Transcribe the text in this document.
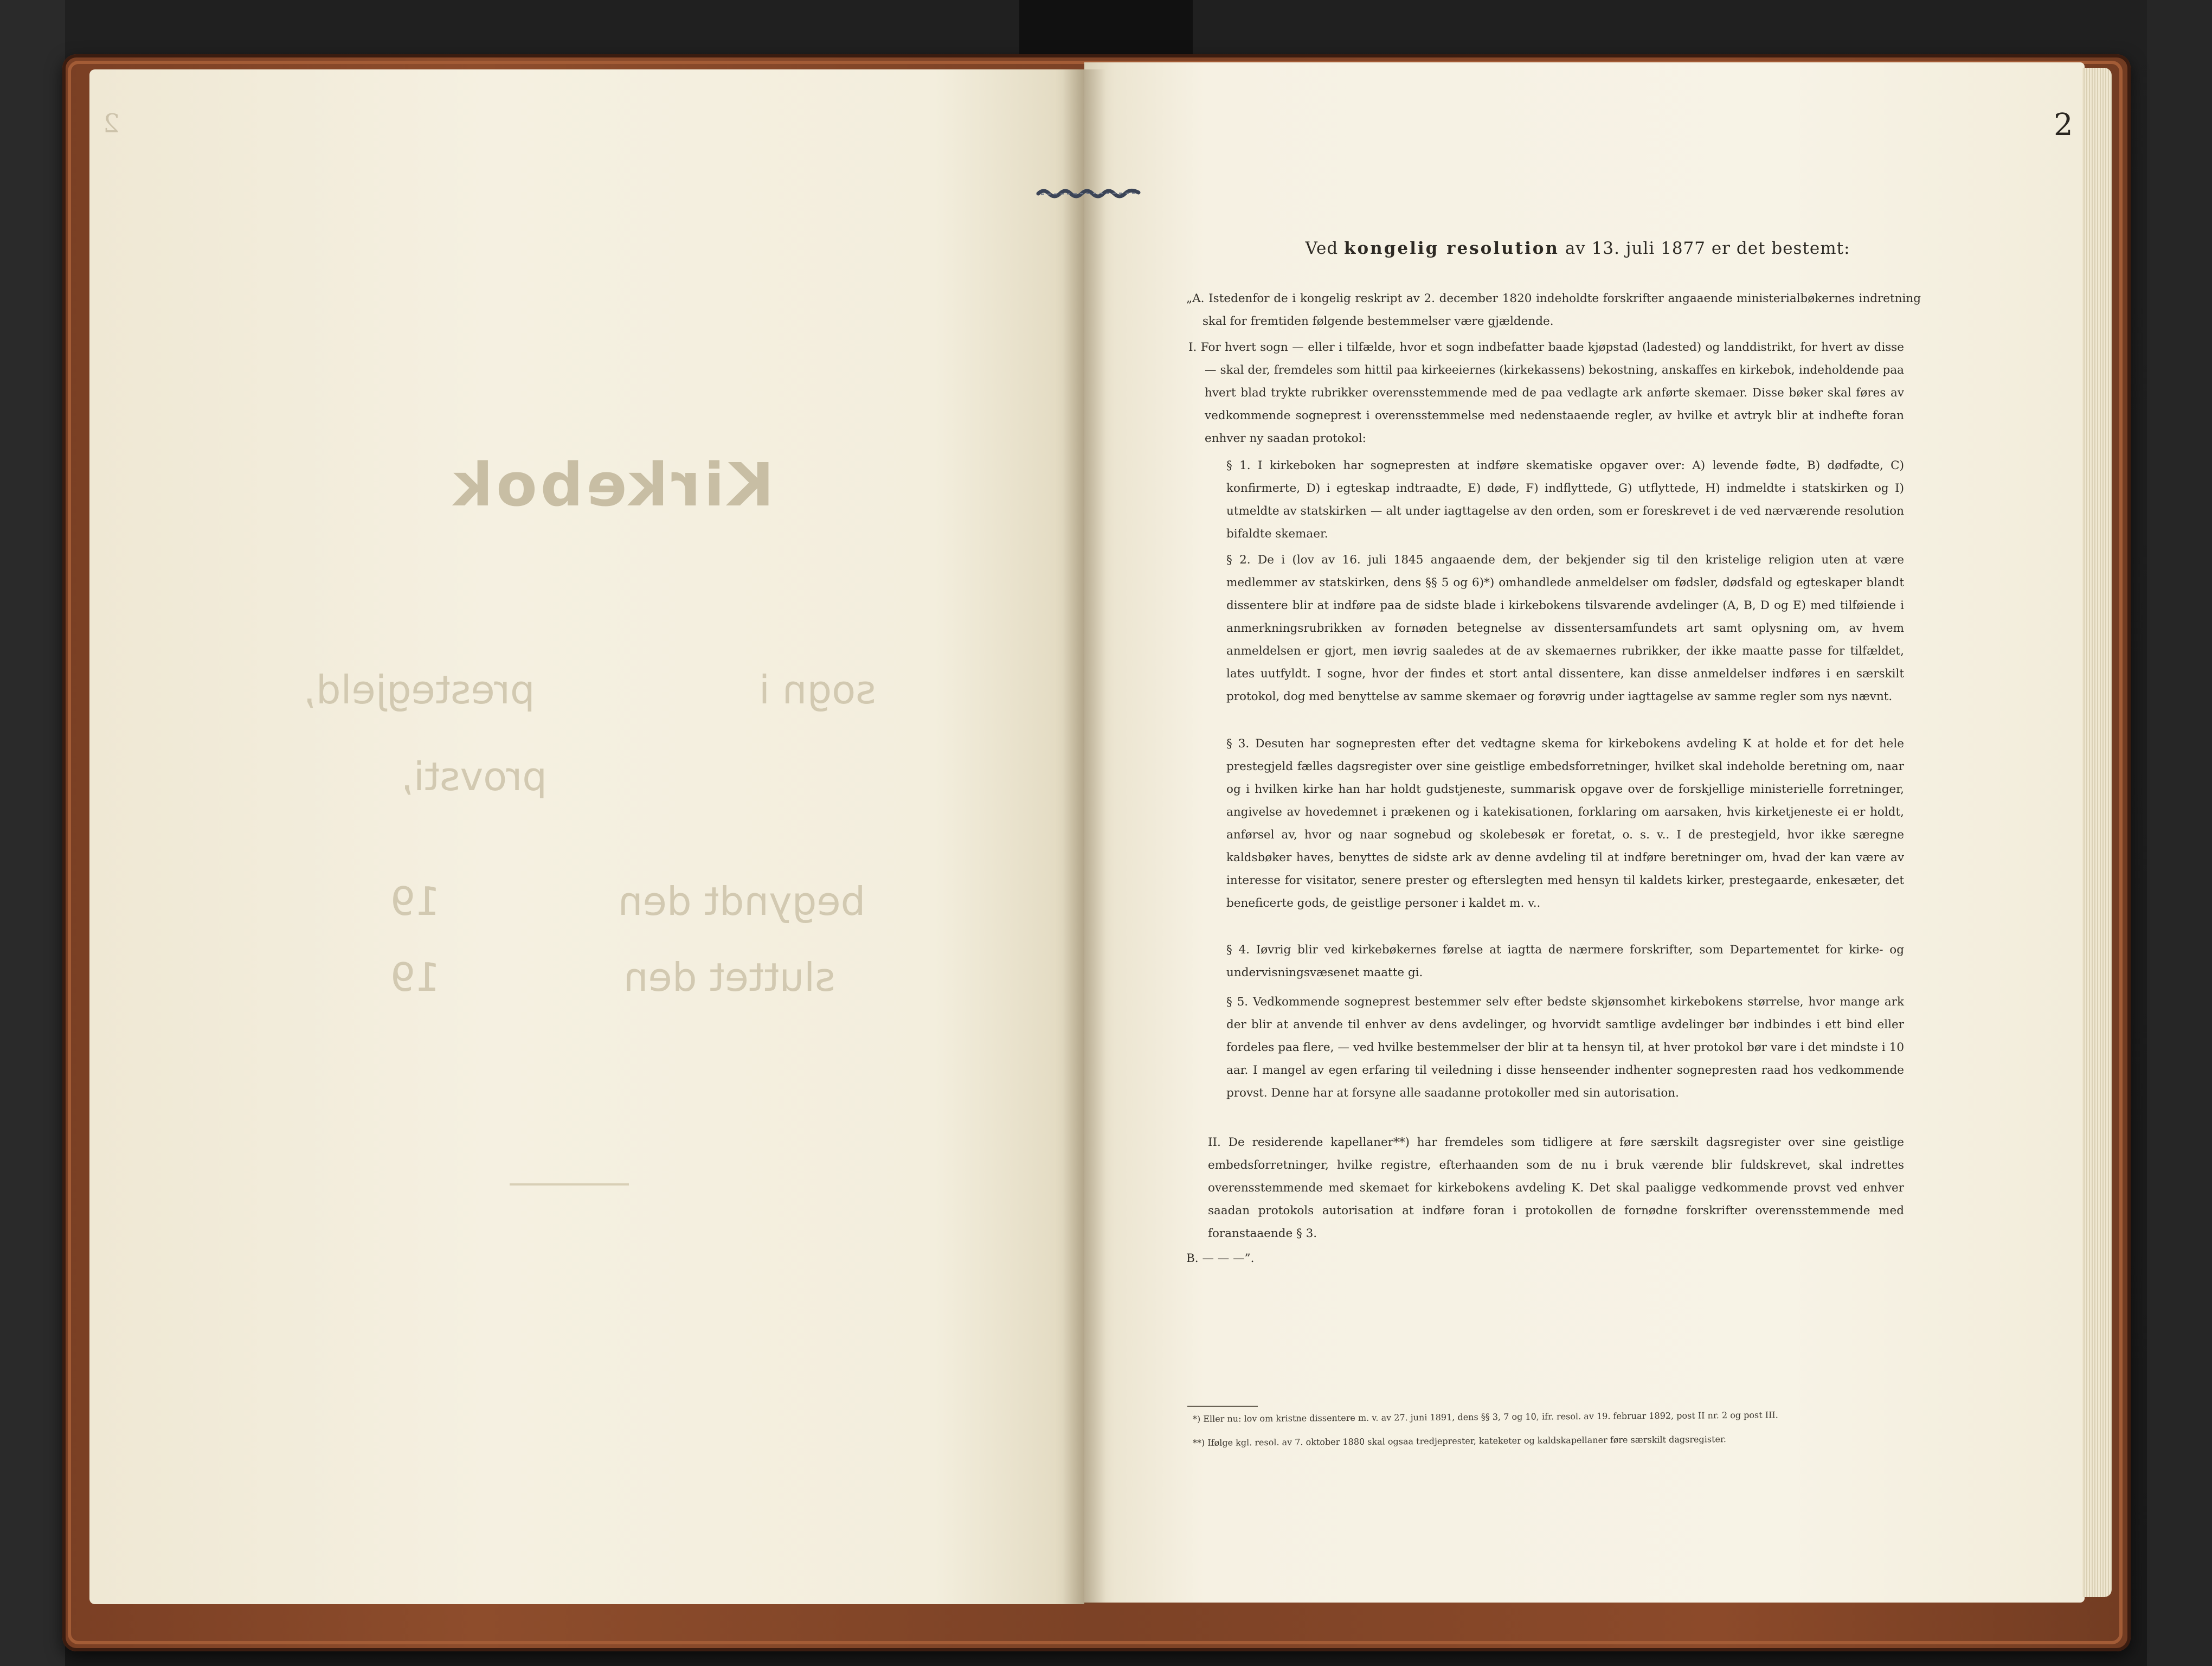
2
Kirkebok
prestegjeld,	sogn i
provsti,
begyndt den
19
sluttet den
19
2
Ved kongelig resolution av 13. juli 1877 er det bestemt:
„A. Istedenfor de i kongelig reskript av 2. december 1820 indeholdte forskrifter angaaende ministerialbøkernes indretning skal for fremtiden følgende bestemmelser være gjældende.
I. For hvert sogn — eller i tilfælde, hvor et sogn indbefatter baade kjøpstad (ladested) og landdistrikt, for hvert av disse — skal der, fremdeles som hittil paa kirkeeiernes (kirkekassens) bekostning, anskaffes en kirkebok, indeholdende paa hvert blad trykte rubrikker overensstemmende med de paa vedlagte ark anførte skemaer. Disse bøker skal føres av vedkommende sogneprest i overensstemmelse med nedenstaaende regler, av hvilke et avtryk blir at indhefte foran enhver ny saadan protokol:
§ 1. I kirkeboken har sognepresten at indføre skematiske opgaver over: A) levende fødte, B) dødfødte, C) konfirmerte, D) i egteskap indtraadte, E) døde, F) indflyttede, G) utflyttede, H) indmeldte i statskirken og I) utmeldte av statskirken — alt under iagttagelse av den orden, som er foreskrevet i de ved nærværende resolution bifaldte skemaer.
§ 2. De i (lov av 16. juli 1845 angaaende dem, der bekjender sig til den kristelige religion uten at være medlemmer av statskirken, dens §§ 5 og 6)*) omhandlede anmeldelser om fødsler, dødsfald og egteskaper blandt dissentere blir at indføre paa de sidste blade i kirkebokens tilsvarende avdelinger (A, B, D og E) med tilføiende i anmerkningsrubrikken av fornøden betegnelse av dissentersamfundets art samt oplysning om, av hvem anmeldelsen er gjort, men iøvrig saaledes at de av skemaernes rubrikker, der ikke maatte passe for tilfældet, lates uutfyldt. I sogne, hvor der findes et stort antal dissentere, kan disse anmeldelser indføres i en særskilt protokol, dog med benyttelse av samme skemaer og forøvrig under iagttagelse av samme regler som nys nævnt.
§ 3. Desuten har sognepresten efter det vedtagne skema for kirkebokens avdeling K at holde et for det hele prestegjeld fælles dagsregister over sine geistlige embedsforretninger, hvilket skal indeholde beretning om, naar og i hvilken kirke han har holdt gudstjeneste, summarisk opgave over de forskjellige ministerielle forretninger, angivelse av hovedemnet i prækenen og i katekisationen, forklaring om aarsaken, hvis kirketjeneste ei er holdt, anførsel av, hvor og naar sognebud og skolebesøk er foretat, o. s. v.. I de prestegjeld, hvor ikke særegne kaldsbøker haves, benyttes de sidste ark av denne avdeling til at indføre beretninger om, hvad der kan være av interesse for visitator, senere prester og efterslegten med hensyn til kaldets kirker, prestegaarde, enkesæter, det beneficerte gods, de geistlige personer i kaldet m. v..
§ 4. Iøvrig blir ved kirkebøkernes førelse at iagtta de nærmere forskrifter, som Departementet for kirke- og undervisningsvæsenet maatte gi.
§ 5. Vedkommende sogneprest bestemmer selv efter bedste skjønsomhet kirkebokens størrelse, hvor mange ark der blir at anvende til enhver av dens avdelinger, og hvorvidt samtlige avdelinger bør indbindes i ett bind eller fordeles paa flere, — ved hvilke bestemmelser der blir at ta hensyn til, at hver protokol bør vare i det mindste i 10 aar. I mangel av egen erfaring til veiledning i disse henseender indhenter sognepresten raad hos vedkommende provst. Denne har at forsyne alle saadanne protokoller med sin autorisation.
II. De residerende kapellaner**) har fremdeles som tidligere at føre særskilt dagsregister over sine geistlige embedsforretninger, hvilke registre, efterhaanden som de nu i bruk værende blir fuldskrevet, skal indrettes overensstemmende med skemaet for kirkebokens avdeling K. Det skal paaligge vedkommende provst ved enhver saadan protokols autorisation at indføre foran i protokollen de fornødne forskrifter overensstemmende med foranstaaende § 3.
B. — — —”.
*) Eller nu: lov om kristne dissentere m. v. av 27. juni 1891, dens §§ 3, 7 og 10, ifr. resol. av 19. februar 1892, post II nr. 2 og post III.
**) Ifølge kgl. resol. av 7. oktober 1880 skal ogsaa tredjeprester, kateketer og kaldskapellaner føre særskilt dagsregister.
